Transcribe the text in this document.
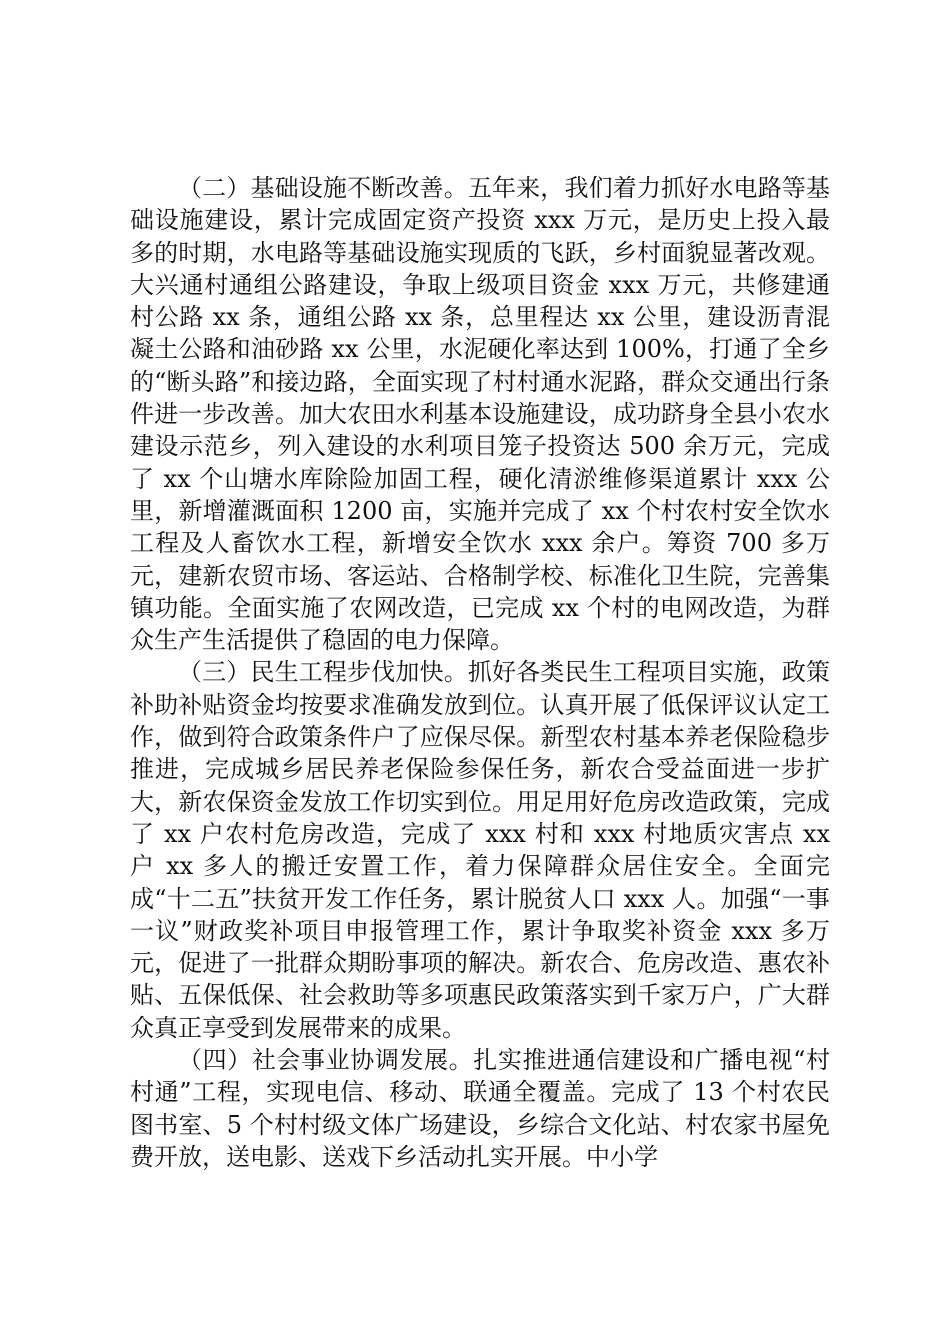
（二）基础设施不断改善。五年来，我们着力抓好水电路等基础设施建设，累计完成固定资产投资 xxx 万元，是历史上投入最多的时期，水电路等基础设施实现质的飞跃，乡村面貌显著改观。大兴通村通组公路建设，争取上级项目资金 xxx 万元，共修建通村公路 xx 条，通组公路 xx 条，总里程达 xx 公里，建设沥青混凝土公路和油砂路 xx 公里，水泥硬化率达到 100%，打通了全乡的“断头路”和接边路，全面实现了村村通水泥路，群众交通出行条件进一步改善。加大农田水利基本设施建设，成功跻身全县小农水建设示范乡，列入建设的水利项目笼子投资达 500 余万元，完成了 xx 个山塘水库除险加固工程，硬化清淤维修渠道累计 xxx 公里，新增灌溉面积 1200 亩，实施并完成了 xx 个村农村安全饮水工程及人畜饮水工程，新增安全饮水 xxx 余户。筹资 700 多万元，建新农贸市场、客运站、合格制学校、标准化卫生院，完善集镇功能。全面实施了农网改造，已完成 xx 个村的电网改造，为群众生产生活提供了稳固的电力保障。

（三）民生工程步伐加快。抓好各类民生工程项目实施，政策补助补贴资金均按要求准确发放到位。认真开展了低保评议认定工作，做到符合政策条件户了应保尽保。新型农村基本养老保险稳步推进，完成城乡居民养老保险参保任务，新农合受益面进一步扩大，新农保资金发放工作切实到位。用足用好危房改造政策，完成了 xx 户农村危房改造，完成了 xxx 村和 xxx 村地质灾害点 xx 户 xx 多人的搬迁安置工作，着力保障群众居住安全。全面完成“十二五”扶贫开发工作任务，累计脱贫人口 xxx 人。加强“一事一议”财政奖补项目申报管理工作，累计争取奖补资金 xxx 多万元，促进了一批群众期盼事项的解决。新农合、危房改造、惠农补贴、五保低保、社会救助等多项惠民政策落实到千家万户，广大群众真正享受到发展带来的成果。

（四）社会事业协调发展。扎实推进通信建设和广播电视“村村通”工程，实现电信、移动、联通全覆盖。完成了 13 个村农民图书室、5 个村村级文体广场建设，乡综合文化站、村农家书屋免费开放，送电影、送戏下乡活动扎实开展。中小学
